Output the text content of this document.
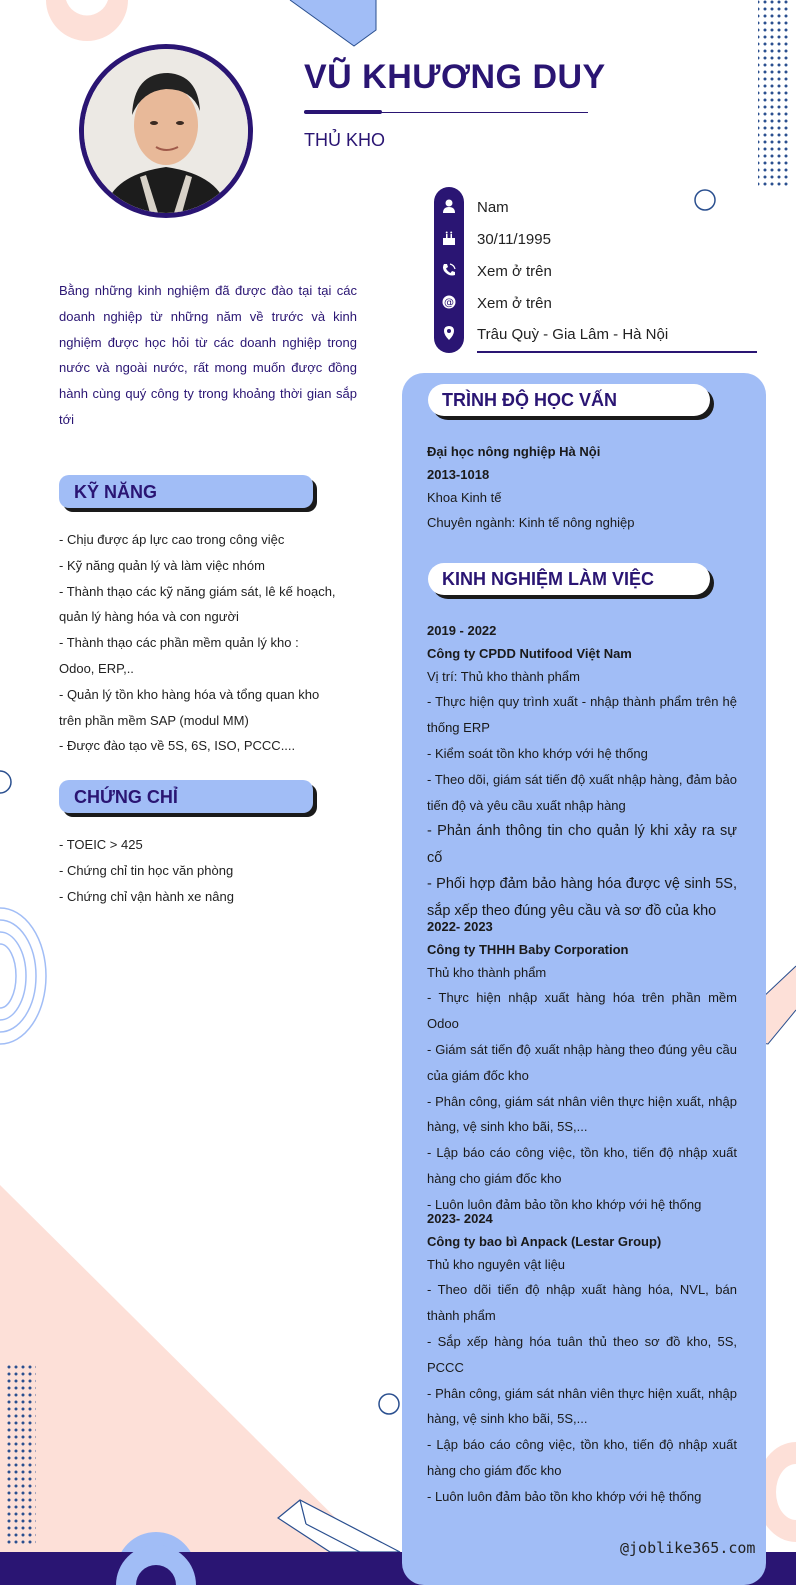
VŨ KHƯƠNG DUY
THỦ KHO
Nam
30/11/1995
Xem ở trên
@ Xem ở trên
Trâu Quỳ - Gia Lâm - Hà Nội
Bằng những kinh nghiệm đã được đào tại tại các doanh nghiệp từ những năm về trước và kinh nghiệm được học hỏi từ các doanh nghiệp trong nước và ngoài nước, rất mong muốn được đồng hành cùng quý công ty trong khoảng thời gian sắp tới
KỸ NĂNG

- Chịu được áp lực cao trong công việc

- Kỹ năng quản lý và làm việc nhóm

- Thành thạo các kỹ năng giám sát, lê kế hoạch, quản lý hàng hóa và con người

- Thành thạo các phần mềm quản lý kho : Odoo, ERP,..

- Quản lý tồn kho hàng hóa và tổng quan kho trên phần mềm SAP (modul MM)

- Được đào tạo về 5S, 6S, ISO, PCCC....

CHỨNG CHỈ

- TOEIC > 425

- Chứng chỉ tin học văn phòng

- Chứng chỉ vận hành xe nâng

TRÌNH ĐỘ HỌC VẤN

Đại học nông nghiệp Hà Nội

2013-1018

Khoa Kinh tế

Chuyên ngành: Kinh tế nông nghiệp

KINH NGHIỆM LÀM VIỆC

2019 - 2022

Công ty CPDD Nutifood Việt Nam

Vị trí: Thủ kho thành phẩm

- Thực hiện quy trình xuất - nhập thành phẩm trên hệ thống ERP

- Kiểm soát tồn kho khớp với hệ thống

- Theo dõi, giám sát tiến độ xuất nhập hàng, đảm bảo tiến độ và yêu cầu xuất nhập hàng

- Phản ánh thông tin cho quản lý khi xảy ra sự cố

- Phối hợp đảm bảo hàng hóa được vệ sinh 5S, sắp xếp theo đúng yêu cầu và sơ đồ của kho

2022- 2023

Công ty THHH Baby Corporation

Thủ kho thành phẩm

- Thực hiện nhập xuất hàng hóa trên phần mềm Odoo

- Giám sát tiến độ xuất nhập hàng theo đúng yêu cầu của giám đốc kho

- Phân công, giám sát nhân viên thực hiện xuất, nhập hàng, vệ sinh kho bãi, 5S,...

- Lập báo cáo công việc, tồn kho, tiến độ nhập xuất hàng cho giám đốc kho

- Luôn luôn đảm bảo tồn kho khớp với hệ thống

2023- 2024

Công ty bao bì Anpack (Lestar Group)

Thủ kho nguyên vật liệu

- Theo dõi tiến độ nhập xuất hàng hóa, NVL, bán thành phẩm

- Sắp xếp hàng hóa tuân thủ theo sơ đồ kho, 5S, PCCC

- Phân công, giám sát nhân viên thực hiện xuất, nhập hàng, vệ sinh kho bãi, 5S,...

- Lập báo cáo công việc, tồn kho, tiến độ nhập xuất hàng cho giám đốc kho

- Luôn luôn đảm bảo tồn kho khớp với hệ thống

@joblike365.com
